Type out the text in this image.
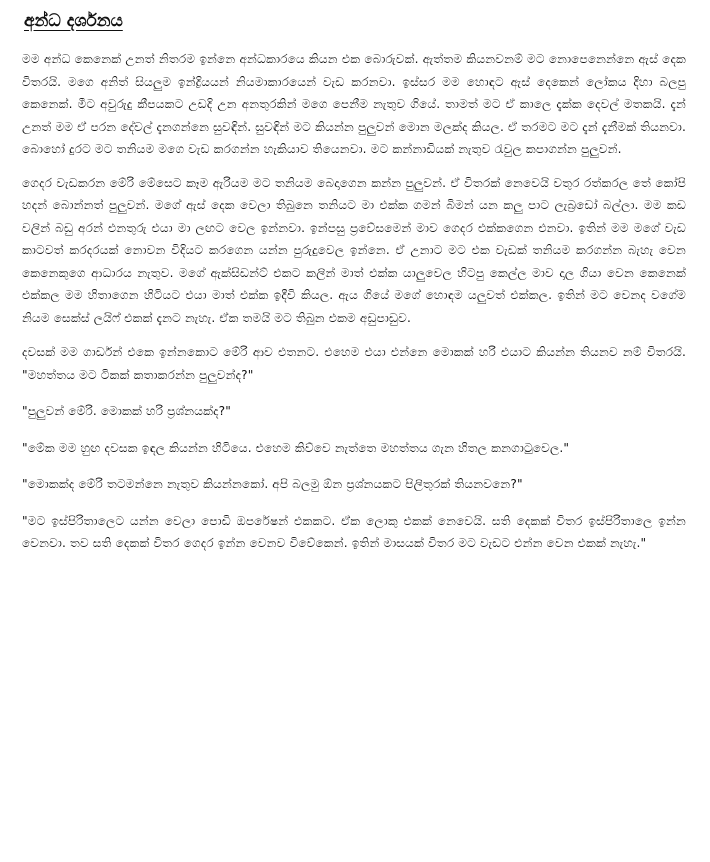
අන්ධ දර්ශනය

මම අන්ධ කෙනෙක් උනත් නිතරම ඉන්නෙ අන්ධකාරයෙ කියන එක බොරුවක්. ඇත්තම කියනවනම් මට නොපෙනෙන්නෙ ඇස් දෙක විතරයි. මගෙ අනිත් සියලුම ඉන්ද්‍රියයන් නියමාකාරයෙන් වැඩ කරනවා. ඉස්සර මම හොඳට ඇස් දෙකෙන් ලෝකය දිහා බලපු කෙනෙක්. මීට අවුරුදු කීපයකට උඩදි උන අනතුරකින් මගෙ පෙනීම නැතුව ගියේ. තාමත් මට ඒ කාලෙ දැක්ක දෙවල් මතකයි. දැන් උනත් මම ඒ පරන දේවල් දැනගන්නෙ සුවඳින්. සුවඳින් මට කියන්න පුලුවන් මොන මලක්ද කියල. ඒ තරමට මට දැන් දැනීමක් තියනවා. බොහෝ දුරට මට තනියම මගෙ වැඩ කරගන්න හැකියාව තියෙනවා. මට කන්නාඩියක් නැතුව රැවුල කපාගන්න පුලුවන්.

ගෙදර වැඩකරන මේරි මේසෙට කෑම ඇරියම මට තනියම බෙදාගෙන කන්න පුලුවන්. ඒ විතරක් නෙවෙයි වතුර රත්කරල තේ කෝපි හදන් බොන්නත් පුලුවන්. මගේ ඇස් දෙක වෙලා තිබුනෙ තනියට මා එක්ක ගමන් බිමන් යන කලු පාට ලැබ්‍රඩෝ බල්ලා. මම කඩ වලින් බඩු අරන් එනතුරු එයා මා ලඟට වෙල ඉන්නවා. ඉන්පසු ප්‍රවේසමෙන් මාව ගෙදර එක්කගෙන එනවා. ඉතින් මම මගේ වැඩ කාටවත් කරදරයක් නොවන විදියට කරගෙන යන්න පුරුදුවෙල ඉන්නෙ. ඒ උනාට මට එක වැඩක් තනියම කරගන්න බැහැ වෙන කෙනෙකුගෙ ආධාරය නැතුව. මගේ ඇක්සිඩන්ට් එකට කලින් මාත් එක්ක යාලුවෙල හිටපු කෙල්ල මාව දාල ගියා වෙන කෙනෙක් එක්කල මම හිතාගෙන හිටියට එයා මාත් එක්ක ඉදීවි කියල. ඇය ගියේ මගේ හොඳම යලුවත් එක්කල. ඉතින් මට වෙනද වගේම නියම සෙක්ස් ලයිෆ් එකක් දැනට නැහැ. ඒක තමයි මට තිබුන එකම අඩුපාඩුව.

දවසක් මම ගාර්ඩන් එකෙ ඉන්නකොට මේරි ආව එතනට. එහෙම එයා එන්නෙ මොකක් හරි එයාට කියන්න තියනව නම් විතරයි. "මහත්තය මට ටිකක් කතාකරන්න පුලුවන්ද?"

"පුලුවන් මේරි. මොකක් හරි ප්‍රශ්නයක්ද?"

"මේක මම හුඟ දවසක ඉඳල කියන්න හිටියෙ. එහෙම කිව්වෙ නැත්තෙ මහත්තය ගැන හිතල කනගාටුවෙල."

"මොකක්ද මේරි තටමන්නෙ නැතුව කියන්නකෝ. අපි බලමු ඕන ප්‍රශ්නයකට පිලිතුරක් තියනවනෙ?"

"මට ඉස්පිරිතාලෙට යන්න වෙලා පොඩි ඔපරේෂන් එකකට. ඒක ලොකු එකක් නෙවෙයි. සති දෙකක් විතර ඉස්පිරිතාලෙ ඉන්න වෙනවා. තව සති දෙකක් විතර ගෙදර ඉන්න වෙනව විවේකෙන්. ඉතින් මාසයක් විතර මට වැඩට එන්න වෙන එකක් නැහැ."
